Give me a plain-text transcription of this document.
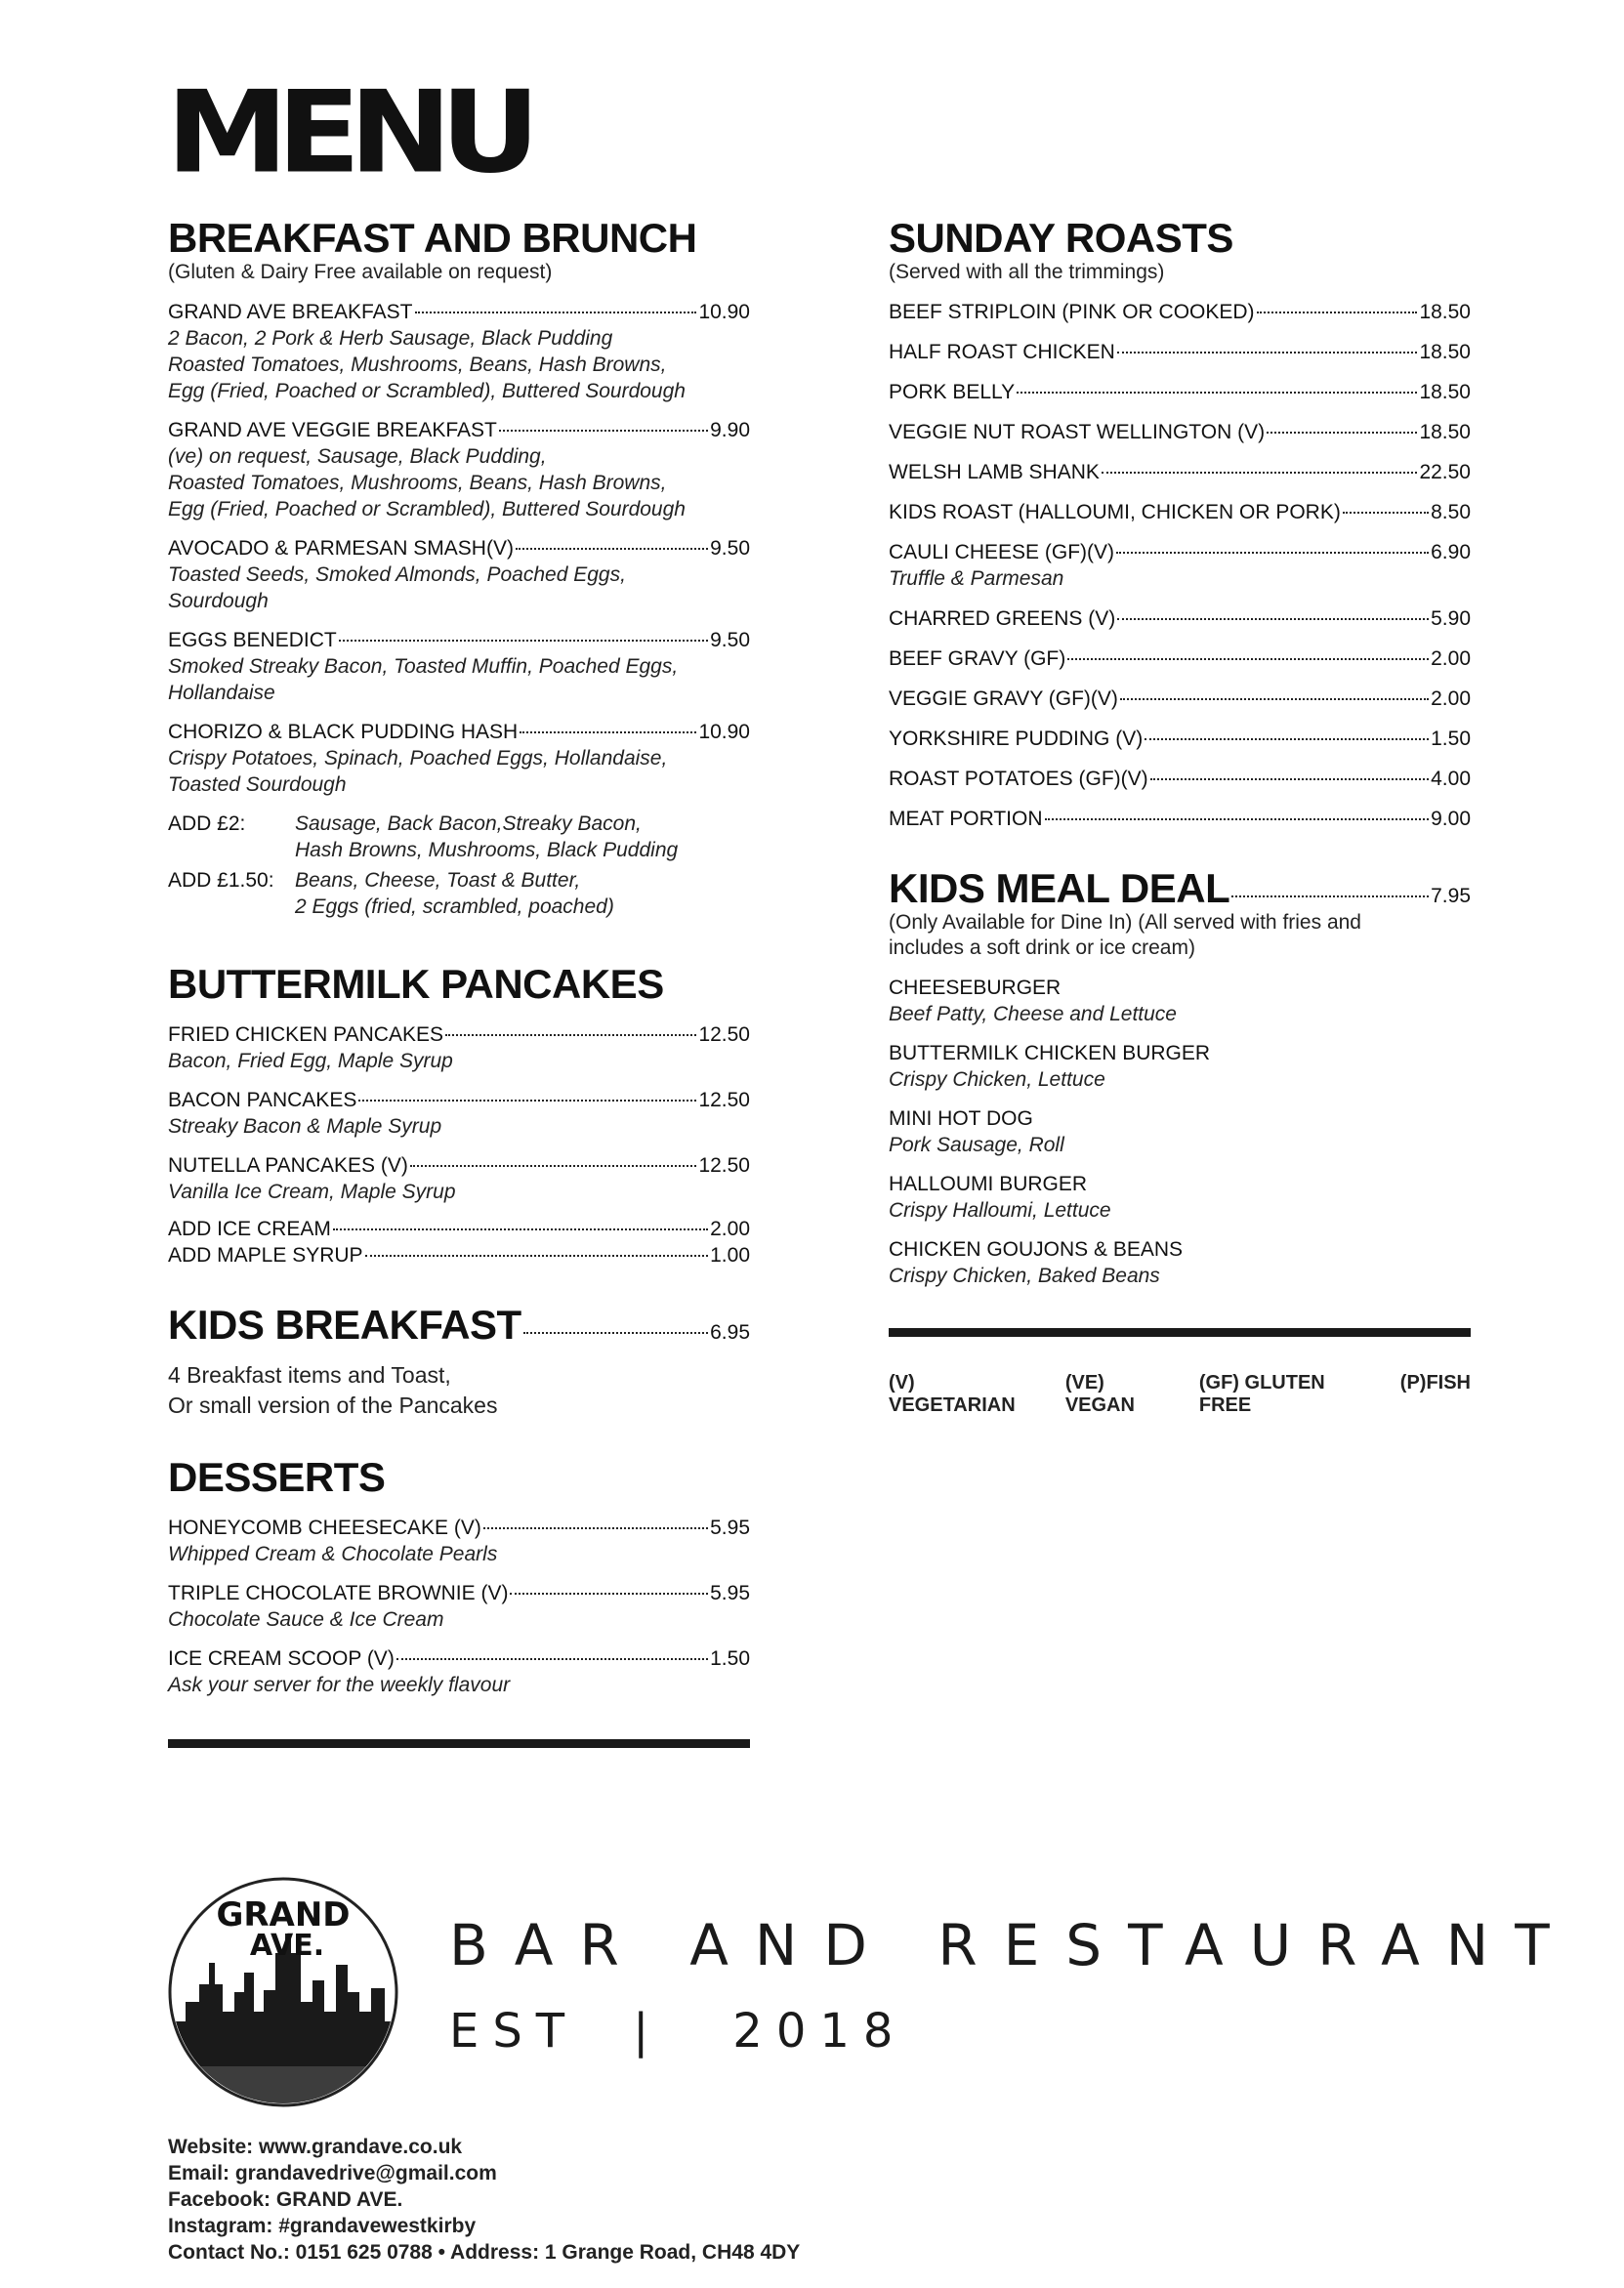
MENU
BREAKFAST AND BRUNCH
(Gluten & Dairy Free available on request)
GRAND AVE BREAKFAST	10.90
2 Bacon, 2 Pork & Herb Sausage, Black Pudding
Roasted Tomatoes, Mushrooms, Beans, Hash Browns,
Egg (Fried, Poached or Scrambled), Buttered Sourdough
GRAND AVE VEGGIE BREAKFAST	9.90
(ve) on request, Sausage, Black Pudding,
Roasted Tomatoes, Mushrooms, Beans, Hash Browns,
Egg (Fried, Poached or Scrambled), Buttered Sourdough
AVOCADO & PARMESAN SMASH(V)	9.50
Toasted Seeds, Smoked Almonds, Poached Eggs,
Sourdough
EGGS BENEDICT	9.50
Smoked Streaky Bacon, Toasted Muffin, Poached Eggs,
Hollandaise
CHORIZO & BLACK PUDDING HASH	10.90
Crispy Potatoes, Spinach, Poached Eggs, Hollandaise,
Toasted Sourdough
ADD £2:	Sausage, Back Bacon,Streaky Bacon,
Hash Browns, Mushrooms, Black Pudding
ADD £1.50:	Beans, Cheese, Toast & Butter,
2 Eggs (fried, scrambled, poached)
BUTTERMILK PANCAKES
FRIED CHICKEN PANCAKES	12.50
Bacon, Fried Egg, Maple Syrup
BACON PANCAKES	12.50
Streaky Bacon & Maple Syrup
NUTELLA PANCAKES (V)	12.50
Vanilla Ice Cream, Maple Syrup
ADD ICE CREAM	2.00
ADD MAPLE SYRUP	1.00
KIDS BREAKFAST	6.95
4 Breakfast items and Toast,
Or small version of the Pancakes
DESSERTS
HONEYCOMB CHEESECAKE (V)	5.95
Whipped Cream & Chocolate Pearls
TRIPLE CHOCOLATE BROWNIE (V)	5.95
Chocolate Sauce & Ice Cream
ICE CREAM SCOOP (V)	1.50
Ask your server for the weekly flavour
SUNDAY ROASTS
(Served with all the trimmings)
BEEF STRIPLOIN (PINK OR COOKED)	18.50
HALF ROAST CHICKEN	18.50
PORK BELLY	18.50
VEGGIE NUT ROAST WELLINGTON (V)	18.50
WELSH LAMB SHANK	22.50
KIDS ROAST (HALLOUMI, CHICKEN OR PORK)	8.50
CAULI CHEESE (GF)(V)	6.90
Truffle & Parmesan
CHARRED GREENS (V)	5.90
BEEF GRAVY (GF)	2.00
VEGGIE GRAVY (GF)(V)	2.00
YORKSHIRE PUDDING (V)	1.50
ROAST POTATOES (GF)(V)	4.00
MEAT PORTION	9.00
KIDS MEAL DEAL	7.95
(Only Available for Dine In) (All served with fries and
includes a soft drink or ice cream)
CHEESEBURGER
Beef Patty, Cheese and Lettuce
BUTTERMILK CHICKEN BURGER
Crispy Chicken, Lettuce
MINI HOT DOG
Pork Sausage, Roll
HALLOUMI BURGER
Crispy Halloumi, Lettuce
CHICKEN GOUJONS & BEANS
Crispy Chicken, Baked Beans
(V) VEGETARIAN
(VE) VEGAN
(GF) GLUTEN FREE
(P)FISH
GRAND
AVE. BAR AND RESTAURANT
EST | 2018
Website: www.grandave.co.uk
Email: grandavedrive@gmail.com
Facebook: GRAND AVE.
Instagram: #grandavewestkirby
Contact No.: 0151 625 0788 • Address: 1 Grange Road, CH48 4DY
